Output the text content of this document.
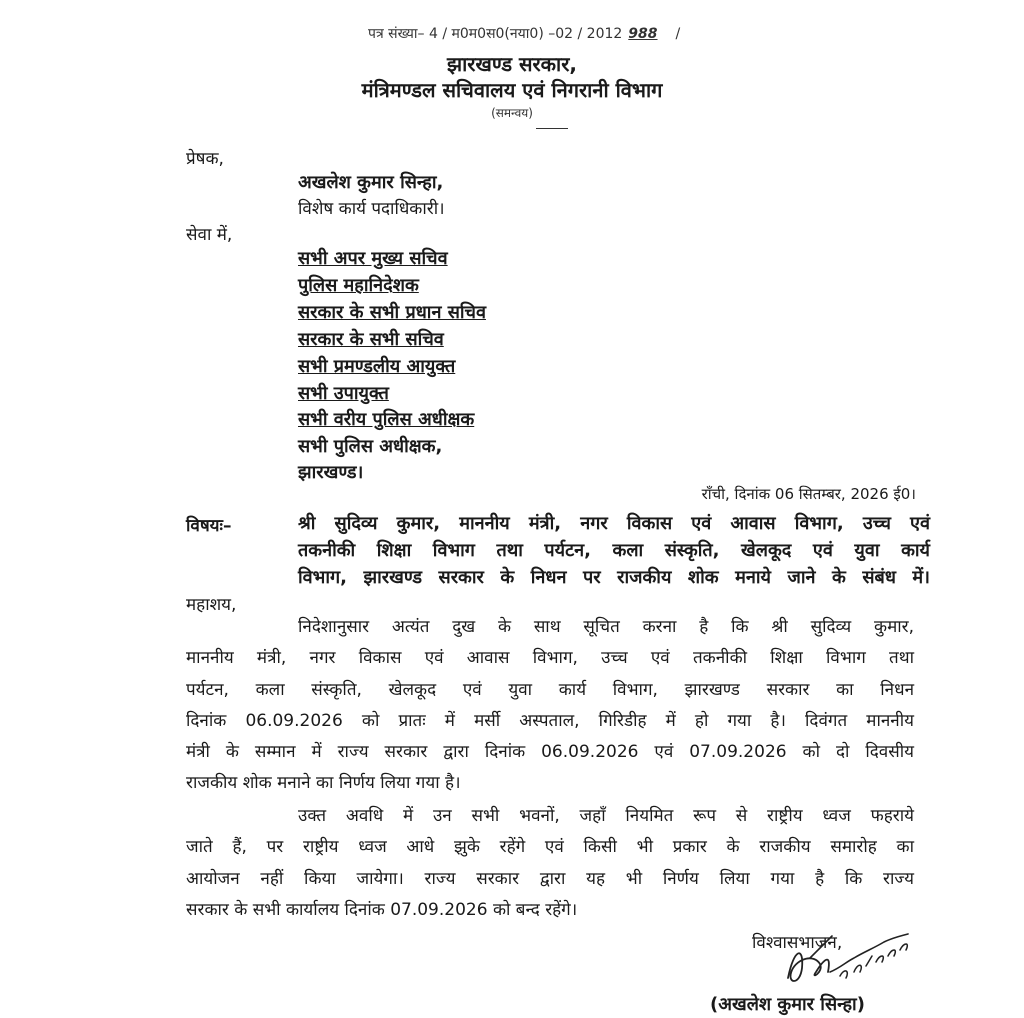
पत्र संख्या– 4 / म0म0स0(नया0) –02 / 2012 988 /
झारखण्ड सरकार,
मंत्रिमण्डल सचिवालय एवं निगरानी विभाग
(समन्वय)
प्रेषक,
अखलेश कुमार सिन्हा,
विशेष कार्य पदाधिकारी।
सेवा में,
सभी अपर मुख्य सचिव
पुलिस महानिदेशक
सरकार के सभी प्रधान सचिव
सरकार के सभी सचिव
सभी प्रमण्डलीय आयुक्त
सभी उपायुक्त
सभी वरीय पुलिस अधीक्षक
सभी पुलिस अधीक्षक,
झारखण्ड।
राँची, दिनांक 06 सितम्बर, 2026 ई0।
विषयः–	श्री सुदिव्य कुमार, माननीय मंत्री, नगर विकास एवं आवास विभाग, उच्च एवं
तकनीकी शिक्षा विभाग तथा पर्यटन, कला संस्कृति, खेलकूद एवं युवा कार्य
विभाग, झारखण्ड सरकार के निधन पर राजकीय शोक मनाये जाने के संबंध में।
महाशय,
निदेशानुसार अत्यंत दुख के साथ सूचित करना है कि श्री सुदिव्य कुमार,
माननीय मंत्री, नगर विकास एवं आवास विभाग, उच्च एवं तकनीकी शिक्षा विभाग तथा
पर्यटन, कला संस्कृति, खेलकूद एवं युवा कार्य विभाग, झारखण्ड सरकार का निधन
दिनांक 06.09.2026 को प्रातः में मर्सी अस्पताल, गिरिडीह में हो गया है। दिवंगत माननीय
मंत्री के सम्मान में राज्य सरकार द्वारा दिनांक 06.09.2026 एवं 07.09.2026 को दो दिवसीय
राजकीय शोक मनाने का निर्णय लिया गया है।
उक्त अवधि में उन सभी भवनों, जहाँ नियमित रूप से राष्ट्रीय ध्वज फहराये
जाते हैं, पर राष्ट्रीय ध्वज आधे झुके रहेंगे एवं किसी भी प्रकार के राजकीय समारोह का
आयोजन नहीं किया जायेगा। राज्य सरकार द्वारा यह भी निर्णय लिया गया है कि राज्य
सरकार के सभी कार्यालय दिनांक 07.09.2026 को बन्द रहेंगे।
विश्वासभाजन,
(अखलेश कुमार सिन्हा)
